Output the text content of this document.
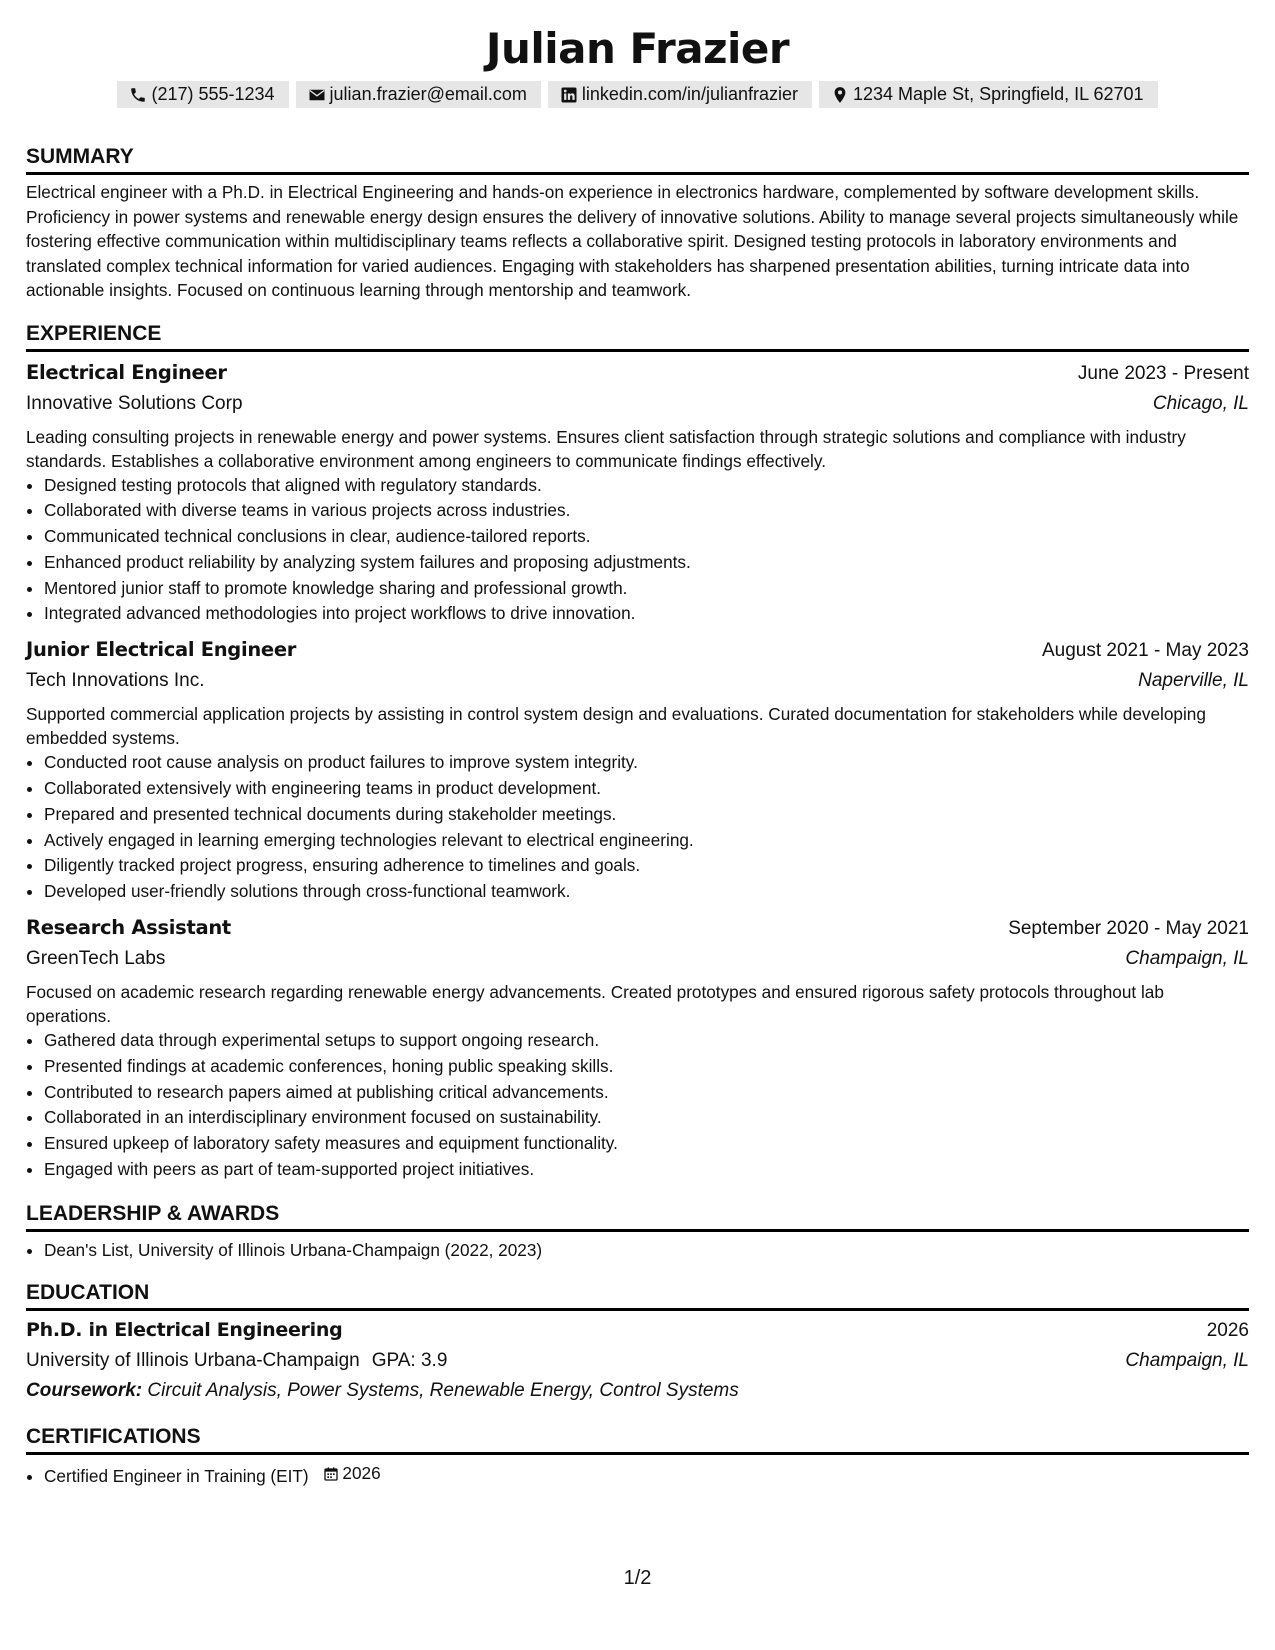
Julian Frazier
(217) 555-1234	julian.frazier@email.com	linkedin.com/in/julianfrazier	1234 Maple St, Springfield, IL 62701
SUMMARY

Electrical engineer with a Ph.D. in Electrical Engineering and hands-on experience in electronics hardware, complemented by software development skills. Proficiency in power systems and renewable energy design ensures the delivery of innovative solutions. Ability to manage several projects simultaneously while fostering effective communication within multidisciplinary teams reflects a collaborative spirit. Designed testing protocols in laboratory environments and translated complex technical information for varied audiences. Engaging with stakeholders has sharpened presentation abilities, turning intricate data into actionable insights. Focused on continuous learning through mentorship and teamwork.

EXPERIENCE
Electrical Engineer	June 2023 - Present
Innovative Solutions Corp	Chicago, IL

Leading consulting projects in renewable energy and power systems. Ensures client satisfaction through strategic solutions and compliance with industry standards. Establishes a collaborative environment among engineers to communicate findings effectively.

• Designed testing protocols that aligned with regulatory standards.
• Collaborated with diverse teams in various projects across industries.
• Communicated technical conclusions in clear, audience-tailored reports.
• Enhanced product reliability by analyzing system failures and proposing adjustments.
• Mentored junior staff to promote knowledge sharing and professional growth.
• Integrated advanced methodologies into project workflows to drive innovation.
Junior Electrical Engineer	August 2021 - May 2023
Tech Innovations Inc.	Naperville, IL

Supported commercial application projects by assisting in control system design and evaluations. Curated documentation for stakeholders while developing embedded systems.

• Conducted root cause analysis on product failures to improve system integrity.
• Collaborated extensively with engineering teams in product development.
• Prepared and presented technical documents during stakeholder meetings.
• Actively engaged in learning emerging technologies relevant to electrical engineering.
• Diligently tracked project progress, ensuring adherence to timelines and goals.
• Developed user-friendly solutions through cross-functional teamwork.
Research Assistant	September 2020 - May 2021
GreenTech Labs	Champaign, IL

Focused on academic research regarding renewable energy advancements. Created prototypes and ensured rigorous safety protocols throughout lab operations.

• Gathered data through experimental setups to support ongoing research.
• Presented findings at academic conferences, honing public speaking skills.
• Contributed to research papers aimed at publishing critical advancements.
• Collaborated in an interdisciplinary environment focused on sustainability.
• Ensured upkeep of laboratory safety measures and equipment functionality.
• Engaged with peers as part of team-supported project initiatives.
LEADERSHIP & AWARDS
• Dean's List, University of Illinois Urbana-Champaign (2022, 2023)
EDUCATION
Ph.D. in Electrical Engineering	2026
University of Illinois Urbana-Champaign GPA: 3.9	Champaign, IL
Coursework: Circuit Analysis, Power Systems, Renewable Energy, Control Systems
CERTIFICATIONS
• Certified Engineer in Training (EIT) 2026
1/2
